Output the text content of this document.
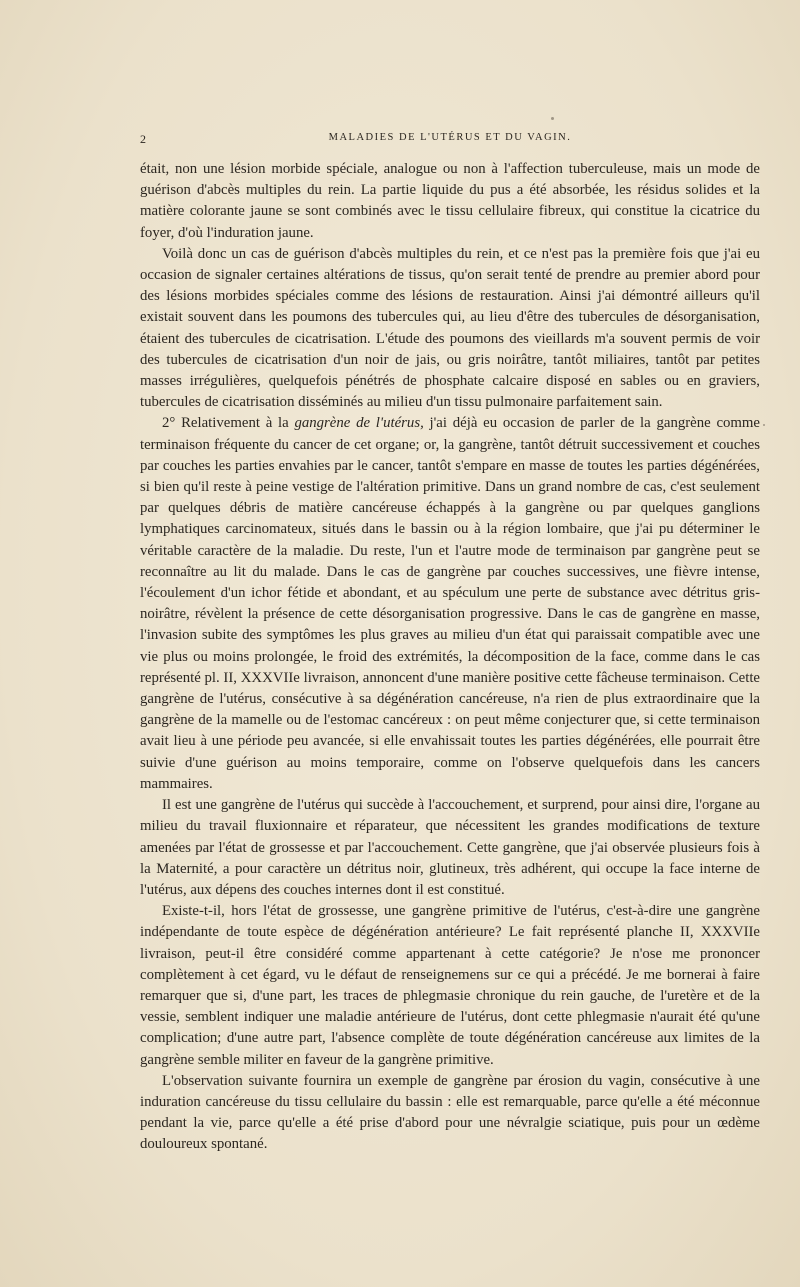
2	MALADIES DE L'UTÉRUS ET DU VAGIN.

était, non une lésion morbide spéciale, analogue ou non à l'affection tuberculeuse, mais un mode de guérison d'abcès multiples du rein. La partie liquide du pus a été absorbée, les résidus solides et la matière colorante jaune se sont combinés avec le tissu cellulaire fibreux, qui constitue la cicatrice du foyer, d'où l'induration jaune.

Voilà donc un cas de guérison d'abcès multiples du rein, et ce n'est pas la première fois que j'ai eu occasion de signaler certaines altérations de tissus, qu'on serait tenté de prendre au premier abord pour des lésions morbides spéciales comme des lésions de restauration. Ainsi j'ai démontré ailleurs qu'il existait souvent dans les poumons des tubercules qui, au lieu d'être des tubercules de désorganisation, étaient des tubercules de cicatrisation. L'étude des poumons des vieillards m'a souvent permis de voir des tubercules de cicatrisation d'un noir de jais, ou gris noirâtre, tantôt miliaires, tantôt par petites masses irrégulières, quelquefois pénétrés de phosphate calcaire disposé en sables ou en graviers, tubercules de cicatrisation disséminés au milieu d'un tissu pulmonaire parfaitement sain.

2° Relativement à la gangrène de l'utérus, j'ai déjà eu occasion de parler de la gangrène comme terminaison fréquente du cancer de cet organe; or, la gangrène, tantôt détruit successivement et couches par couches les parties envahies par le cancer, tantôt s'empare en masse de toutes les parties dégénérées, si bien qu'il reste à peine vestige de l'altération primitive. Dans un grand nombre de cas, c'est seulement par quelques débris de matière cancéreuse échappés à la gangrène ou par quelques ganglions lymphatiques carcinomateux, situés dans le bassin ou à la région lombaire, que j'ai pu déterminer le véritable caractère de la maladie. Du reste, l'un et l'autre mode de terminaison par gangrène peut se reconnaître au lit du malade. Dans le cas de gangrène par couches successives, une fièvre intense, l'écoulement d'un ichor fétide et abondant, et au spéculum une perte de substance avec détritus gris-noirâtre, révèlent la présence de cette désorganisation progressive. Dans le cas de gangrène en masse, l'invasion subite des symptômes les plus graves au milieu d'un état qui paraissait compatible avec une vie plus ou moins prolongée, le froid des extrémités, la décomposition de la face, comme dans le cas représenté pl. II, XXXVIIe livraison, annoncent d'une manière positive cette fâcheuse terminaison. Cette gangrène de l'utérus, consécutive à sa dégénération cancéreuse, n'a rien de plus extraordinaire que la gangrène de la mamelle ou de l'estomac cancéreux : on peut même conjecturer que, si cette terminaison avait lieu à une période peu avancée, si elle envahissait toutes les parties dégénérées, elle pourrait être suivie d'une guérison au moins temporaire, comme on l'observe quelquefois dans les cancers mammaires.

Il est une gangrène de l'utérus qui succède à l'accouchement, et surprend, pour ainsi dire, l'organe au milieu du travail fluxionnaire et réparateur, que nécessitent les grandes modifications de texture amenées par l'état de grossesse et par l'accouchement. Cette gangrène, que j'ai observée plusieurs fois à la Maternité, a pour caractère un détritus noir, glutineux, très adhérent, qui occupe la face interne de l'utérus, aux dépens des couches internes dont il est constitué.

Existe-t-il, hors l'état de grossesse, une gangrène primitive de l'utérus, c'est-à-dire une gangrène indépendante de toute espèce de dégénération antérieure? Le fait représenté planche II, XXXVIIe livraison, peut-il être considéré comme appartenant à cette catégorie? Je n'ose me prononcer complètement à cet égard, vu le défaut de renseignemens sur ce qui a précédé. Je me bornerai à faire remarquer que si, d'une part, les traces de phlegmasie chronique du rein gauche, de l'uretère et de la vessie, semblent indiquer une maladie antérieure de l'utérus, dont cette phlegmasie n'aurait été qu'une complication; d'une autre part, l'absence complète de toute dégénération cancéreuse aux limites de la gangrène semble militer en faveur de la gangrène primitive.

L'observation suivante fournira un exemple de gangrène par érosion du vagin, consécutive à une induration cancéreuse du tissu cellulaire du bassin : elle est remarquable, parce qu'elle a été méconnue pendant la vie, parce qu'elle a été prise d'abord pour une névralgie sciatique, puis pour un œdème douloureux spontané.
